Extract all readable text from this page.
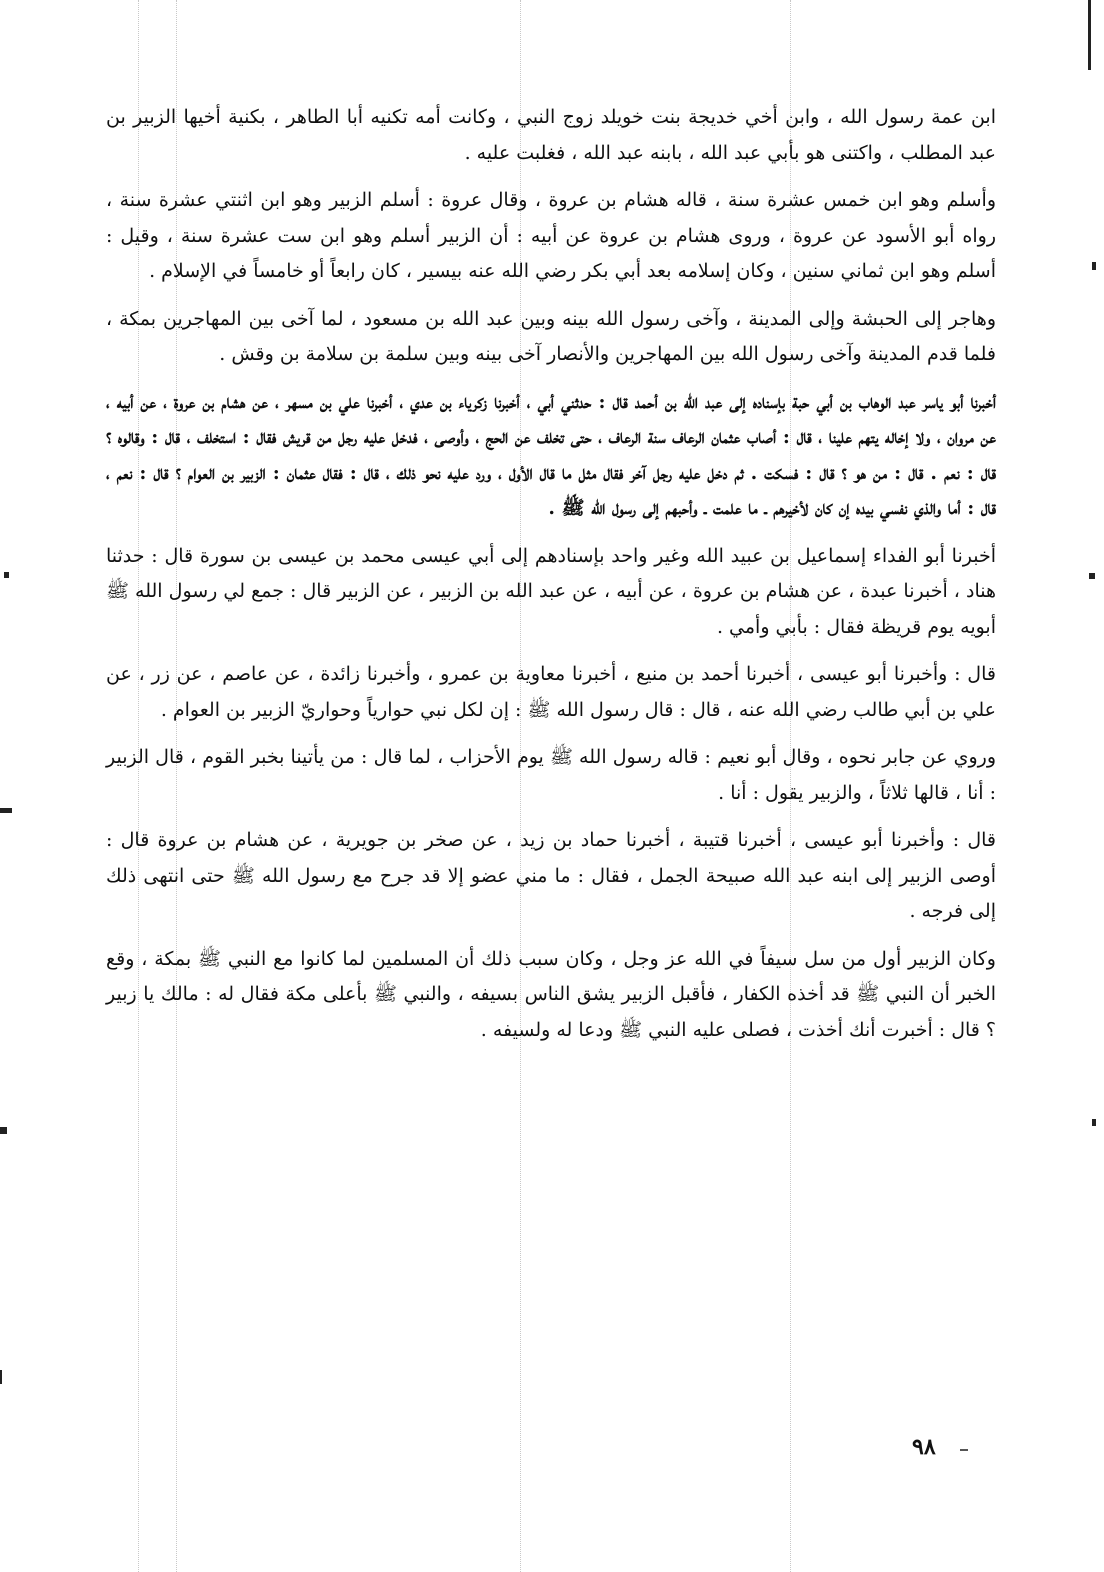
ابن عمة رسول الله ، وابن أخي خديجة بنت خويلد زوج النبي ، وكانت أمه تكنيه أبا الطاهر ، بكنية أخيها الزبير بن عبد المطلب ، واكتنى هو بأبي عبد الله ، بابنه عبد الله ، فغلبت عليه .

وأسلم وهو ابن خمس عشرة سنة ، قاله هشام بن عروة ، وقال عروة : أسلم الزبير وهو ابن اثنتي عشرة سنة ، رواه أبو الأسود عن عروة ، وروى هشام بن عروة عن أبيه : أن الزبير أسلم وهو ابن ست عشرة سنة ، وقيل : أسلم وهو ابن ثماني سنين ، وكان إسلامه بعد أبي بكر رضي الله عنه بيسير ، كان رابعاً أو خامساً في الإسلام .

وهاجر إلى الحبشة وإلى المدينة ، وآخى رسول الله بينه وبين عبد الله بن مسعود ، لما آخى بين المهاجرين بمكة ، فلما قدم المدينة وآخى رسول الله بين المهاجرين والأنصار آخى بينه وبين سلمة بن سلامة بن وقش .

أخبرنا أبو ياسر عبد الوهاب بن أبي حبة بإسناده إلى عبد الله بن أحمد قال : حدثني أبي ، أخبرنا زكرياء بن عدي ، أخبرنا علي بن مسهر ، عن هشام بن عروة ، عن أبيه ، عن مروان ، ولا إخاله يتهم علينا ، قال : أصاب عثمان الرعاف سنة الرعاف ، حتى تخلف عن الحج ، وأوصى ، فدخل عليه رجل من قريش فقال : استخلف ، قال : وقالوه ؟ قال : نعم . قال : من هو ؟ قال : فسكت . ثم دخل عليه رجل آخر فقال مثل ما قال الأول ، ورد عليه نحو ذلك ، قال : فقال عثمان : الزبير بن العوام ؟ قال : نعم ، قال : أما والذي نفسي بيده إن كان لأخيرهم ـ ما علمت ـ وأحبهم إلى رسول الله ﷺ .

أخبرنا أبو الفداء إسماعيل بن عبيد الله وغير واحد بإسنادهم إلى أبي عيسى محمد بن عيسى بن سورة قال : حدثنا هناد ، أخبرنا عبدة ، عن هشام بن عروة ، عن أبيه ، عن عبد الله بن الزبير ، عن الزبير قال : جمع لي رسول الله ﷺ أبويه يوم قريظة فقال : بأبي وأمي .

قال : وأخبرنا أبو عيسى ، أخبرنا أحمد بن منيع ، أخبرنا معاوية بن عمرو ، وأخبرنا زائدة ، عن عاصم ، عن زر ، عن علي بن أبي طالب رضي الله عنه ، قال : قال رسول الله ﷺ : إن لكل نبي حوارياً وحواريّ الزبير بن العوام .

وروي عن جابر نحوه ، وقال أبو نعيم : قاله رسول الله ﷺ يوم الأحزاب ، لما قال : من يأتينا بخبر القوم ، قال الزبير : أنا ، قالها ثلاثاً ، والزبير يقول : أنا .

قال : وأخبرنا أبو عيسى ، أخبرنا قتيبة ، أخبرنا حماد بن زيد ، عن صخر بن جويرية ، عن هشام بن عروة قال : أوصى الزبير إلى ابنه عبد الله صبيحة الجمل ، فقال : ما مني عضو إلا قد جرح مع رسول الله ﷺ حتى انتهى ذلك إلى فرجه .

وكان الزبير أول من سل سيفاً في الله عز وجل ، وكان سبب ذلك أن المسلمين لما كانوا مع النبي ﷺ بمكة ، وقع الخبر أن النبي ﷺ قد أخذه الكفار ، فأقبل الزبير يشق الناس بسيفه ، والنبي ﷺ بأعلى مكة فقال له : مالك يا زبير ؟ قال : أخبرت أنك أخذت ، فصلى عليه النبي ﷺ ودعا له ولسيفه .

٩٨
